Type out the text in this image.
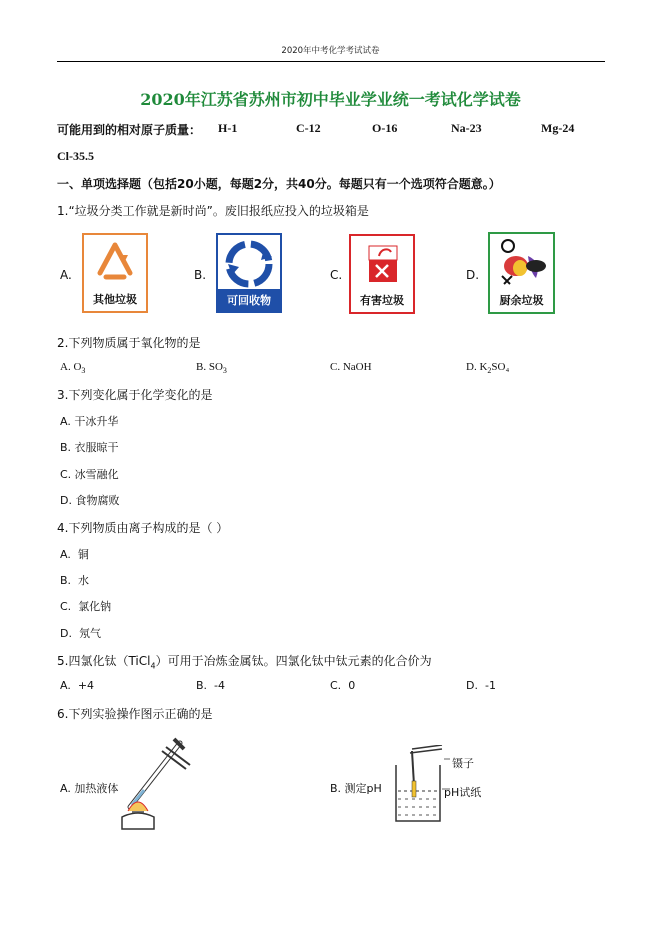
2020年中考化学考试试卷
2020年江苏省苏州市初中毕业学业统一考试化学试卷
可能用到的相对原子质量： H-1	C-12	O-16	Na-23	Mg-24
Cl-35.5
一、单项选择题（包括20小题，每题2分，共40分。每题只有一个选项符合题意。）
1.“垃圾分类工作就是新时尚”。废旧报纸应投入的垃圾箱是
A.
其他垃圾
B.
可回收物
C.
有害垃圾
D.
厨余垃圾
2.下列物质属于氧化物的是
A. $O_3$	B. $SO_3$	C. NaOH	D. $K_2SO_4$
3.下列变化属于化学变化的是
A. 干冰升华
B. 衣服晾干
C. 冰雪融化
D. 食物腐败
4.下列物质由离子构成的是（ ）
A. 铜
B. 水
C. 氯化钠
D. 氖气
5.四氯化钛（TiCl$_4$）可用于冶炼金属钛。四氯化钛中钛元素的化合价为
A. +4	B. -4	C. 0	D. -1
6.下列实验操作图示正确的是
A. 加热液体	B. 测定pH
镊子
pH试纸
